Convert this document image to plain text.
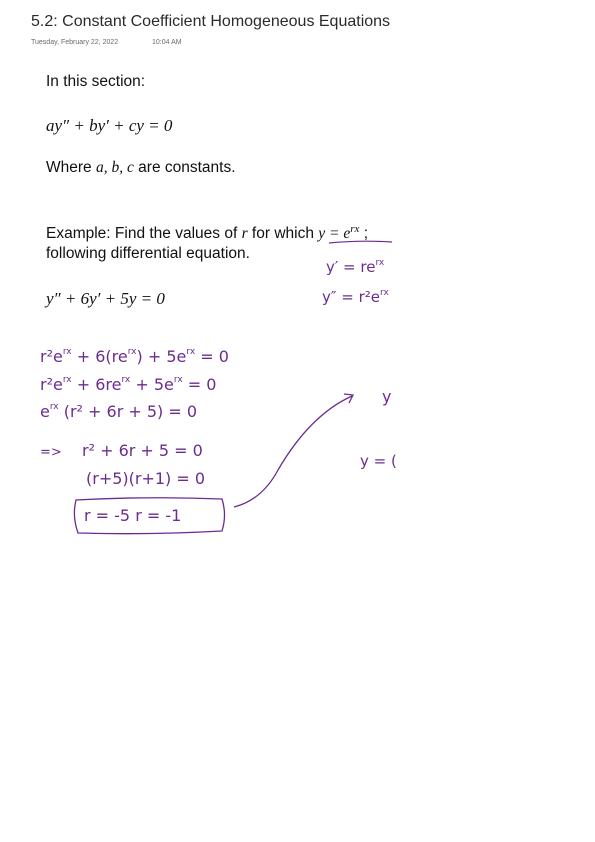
5.2: Constant Coefficient Homogeneous Equations
Tuesday, February 22, 2022	10:04 AM
In this section:
ay″ + by′ + cy = 0
Where a, b, c are constants.
Example: Find the values of r for which $y = e^{rx}$ ;
following differential equation.
y″ + 6y′ + 5y = 0
$y' = re^{rx}$
$y'' = r^2e^{rx}$
$r^2e^{rx} + 6(re^{rx}) + 5e^{rx} = 0$
$r^2e^{rx} + 6re^{rx} + 5e^{rx} = 0$
$e^{rx}$ (r² + 6r + 5) = 0
=> r² + 6r + 5 = 0
(r+5)(r+1) = 0
r = -5 r = -1
y
y = (
